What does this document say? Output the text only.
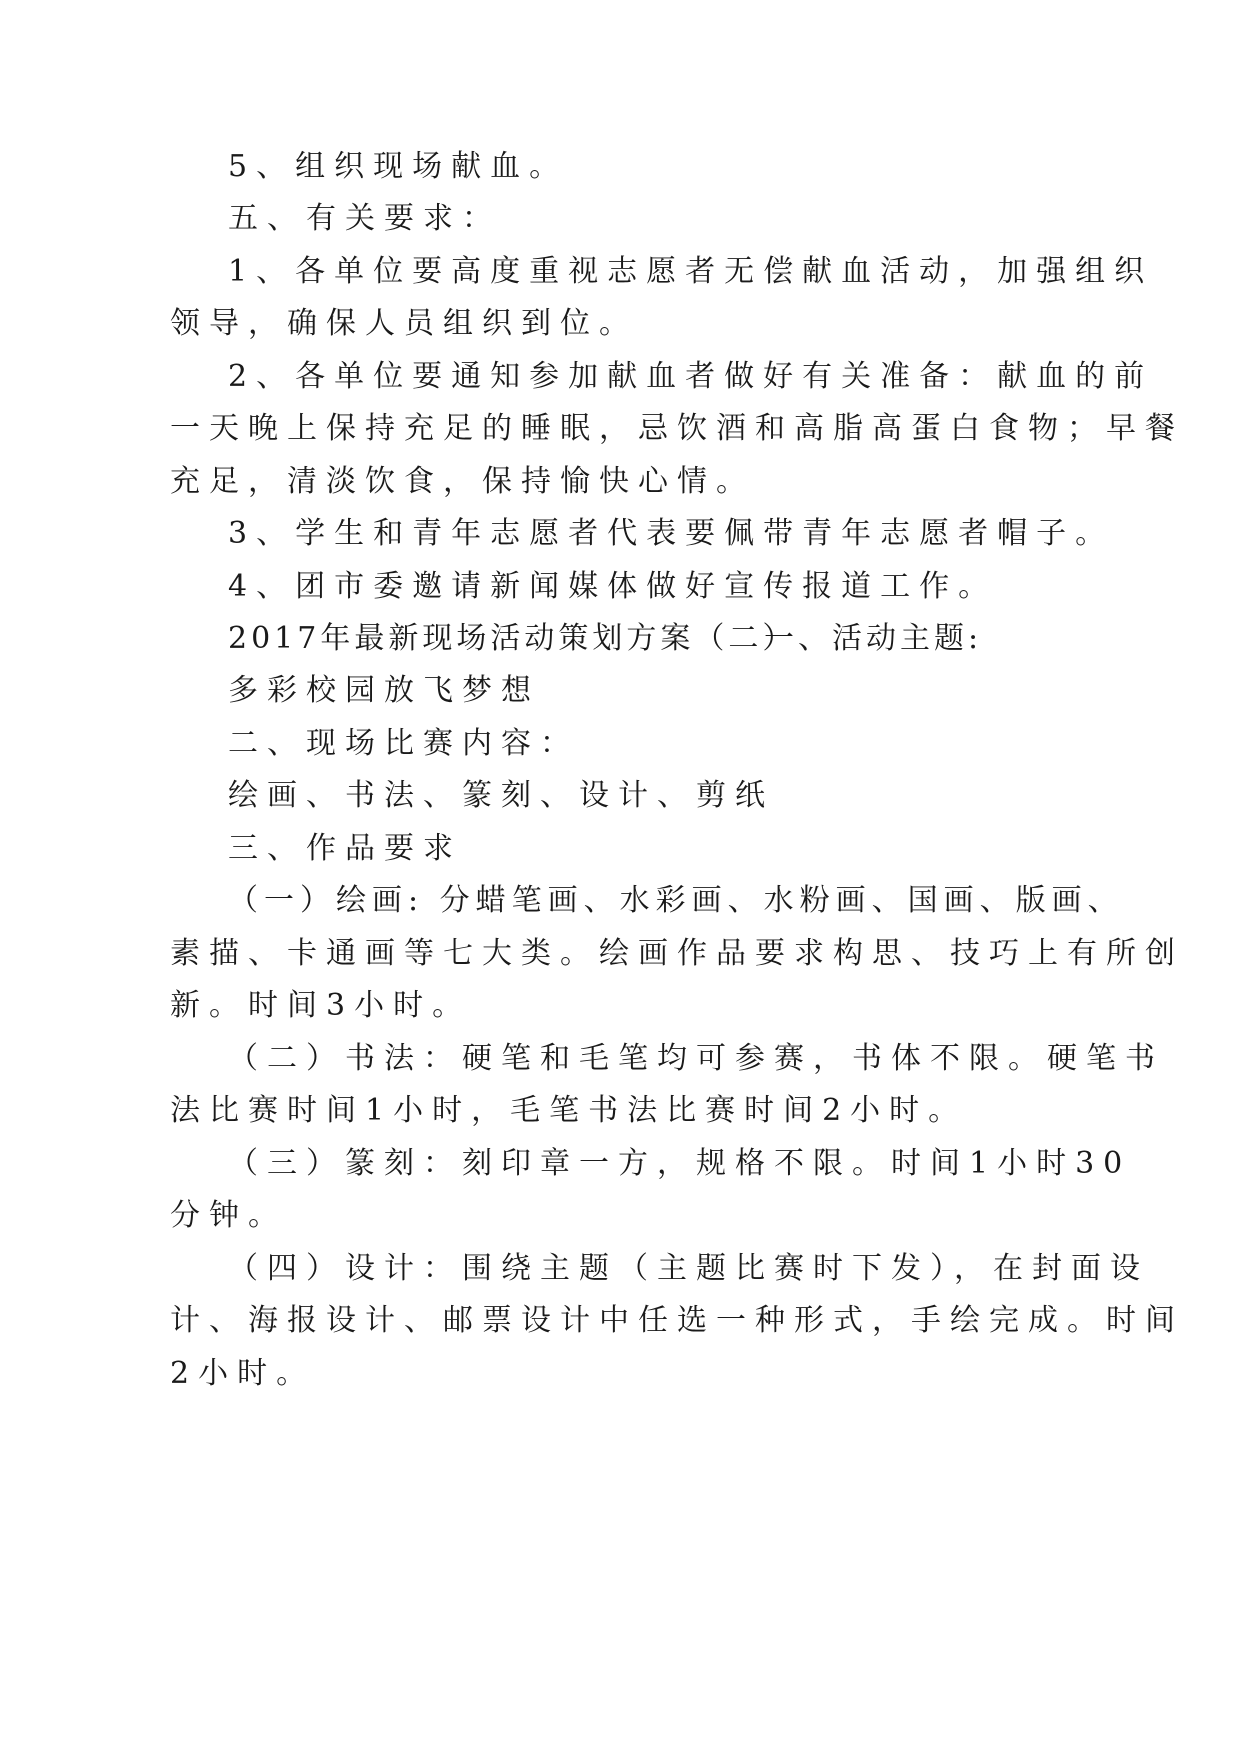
5、组织现场献血。
五、有关要求：
1、各单位要高度重视志愿者无偿献血活动，加强组织
领导，确保人员组织到位。
2、各单位要通知参加献血者做好有关准备：献血的前
一天晚上保持充足的睡眠，忌饮酒和高脂高蛋白食物；早餐
充足，清淡饮食，保持愉快心情。
3、学生和青年志愿者代表要佩带青年志愿者帽子。
4、团市委邀请新闻媒体做好宣传报道工作。
2017年最新现场活动策划方案（二）
一、活动主题:
多彩校园放飞梦想
二、现场比赛内容：
绘画、书法、篆刻、设计、剪纸
三、作品要求
（一）绘画: 分蜡笔画、水彩画、水粉画、国画、版画、
素描、卡通画等七大类。绘画作品要求构思、技巧上有所创
新。时间3小时。
（二）书法：硬笔和毛笔均可参赛，书体不限。硬笔书
法比赛时间1小时，毛笔书法比赛时间2小时。
（三）篆刻：刻印章一方，规格不限。时间1小时30
分钟。
（四）设计：围绕主题（主题比赛时下发），在封面设
计、海报设计、邮票设计中任选一种形式，手绘完成。时间
2小时。
